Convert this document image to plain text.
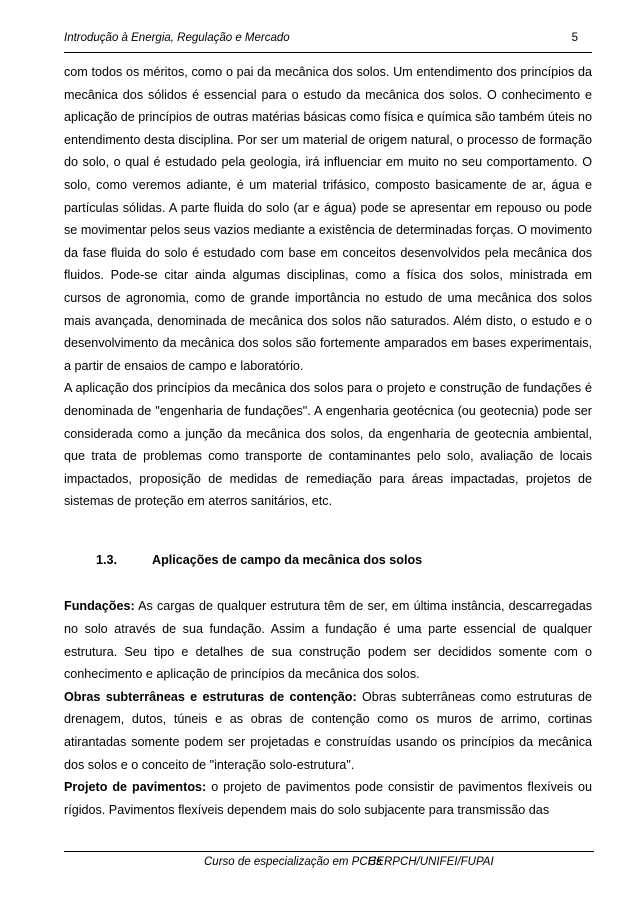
Introdução à Energia, Regulação e Mercado	5

com todos os méritos, como o pai da mecânica dos solos. Um entendimento dos princípios da mecânica dos sólidos é essencial para o estudo da mecânica dos solos. O conhecimento e aplicação de princípios de outras matérias básicas como física e química são também úteis no entendimento desta disciplina. Por ser um material de origem natural, o processo de formação do solo, o qual é estudado pela geologia, irá influenciar em muito no seu comportamento. O solo, como veremos adiante, é um material trifásico, composto basicamente de ar, água e partículas sólidas. A parte fluida do solo (ar e água) pode se apresentar em repouso ou pode se movimentar pelos seus vazios mediante a existência de determinadas forças. O movimento da fase fluida do solo é estudado com base em conceitos desenvolvidos pela mecânica dos fluidos. Pode-se citar ainda algumas disciplinas, como a física dos solos, ministrada em cursos de agronomia, como de grande importância no estudo de uma mecânica dos solos mais avançada, denominada de mecânica dos solos não saturados. Além disto, o estudo e o desenvolvimento da mecânica dos solos são fortemente amparados em bases experimentais, a partir de ensaios de campo e laboratório.

A aplicação dos princípios da mecânica dos solos para o projeto e construção de fundações é denominada de "engenharia de fundações". A engenharia geotécnica (ou geotecnia) pode ser considerada como a junção da mecânica dos solos, da engenharia de geotecnia ambiental, que trata de problemas como transporte de contaminantes pelo solo, avaliação de locais impactados, proposição de medidas de remediação para áreas impactadas, projetos de sistemas de proteção em aterros sanitários, etc.

1.3.	Aplicações de campo da mecânica dos solos

Fundações: As cargas de qualquer estrutura têm de ser, em última instância, descarregadas no solo através de sua fundação. Assim a fundação é uma parte essencial de qualquer estrutura. Seu tipo e detalhes de sua construção podem ser decididos somente com o conhecimento e aplicação de princípios da mecânica dos solos.

Obras subterrâneas e estruturas de contenção: Obras subterrâneas como estruturas de drenagem, dutos, túneis e as obras de contenção como os muros de arrimo, cortinas atirantadas somente podem ser projetadas e construídas usando os princípios da mecânica dos solos e o conceito de "interação solo-estrutura".

Projeto de pavimentos: o projeto de pavimentos pode consistir de pavimentos flexíveis ou rígidos. Pavimentos flexíveis dependem mais do solo subjacente para transmissão das

Curso de especialização em PCHs
CERPCH/UNIFEI/FUPAI
